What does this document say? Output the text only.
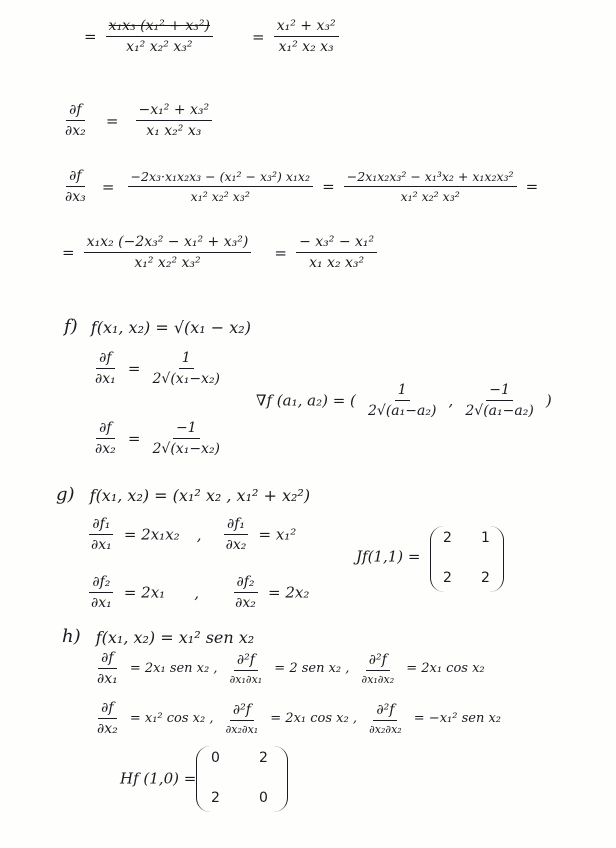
= $\frac{\text{x₁x₃ (x₁² + x₃²)}}{\text{x₁² x₂² x₃²}}$	= $\frac{\text{x₁² + x₃²}}{\text{x₁² x₂ x₃}}$
$\frac{\partial f}{\text{∂x₂}} = \frac{\text{−x₁² + x₃²}}{\text{x₁ x₂² x₃}}$
$\frac{\partial f}{\text{∂x₃}} = \frac{\text{−2x₃·x₁x₂x₃ − (x₁² − x₃²) x₁x₂}}{\text{x₁² x₂² x₃²}} = \frac{\text{−2x₁x₂x₃² − x₁³x₂ + x₁x₂x₃²}}{\text{x₁² x₂² x₃²}}$ =
= $\frac{\text{x₁x₂ (−2x₃² − x₁² + x₃²)}}{\text{x₁² x₂² x₃²}} = \frac{\text{− x₃² − x₁²}}{\text{x₁ x₂ x₃²}}$
f) f(x₁, x₂) = √(x₁ − x₂)
$\frac{\partial f}{\text{∂x₁}} = \frac{1}{\text{2√(x₁−x₂)}}$
∇f (a₁, a₂) = ( $\frac{1}{\text{2√(a₁−a₂)}}$ , $\frac{-1}{\text{2√(a₁−a₂)}}$ )
$\frac{\partial f}{\text{∂x₂}} = \frac{-1}{\text{2√(x₁−x₂)}}$
g) f(x₁, x₂) = (x₁² x₂ , x₁² + x₂²)
$\frac{\text{∂f₁}}{\text{∂x₁}} = 2x_1x_2$ , $\frac{\text{∂f₁}}{\text{∂x₂}} = x_1^2$
$\frac{\text{∂f₂}}{\text{∂x₁}} = 2x_1$ , $\frac{\text{∂f₂}}{\text{∂x₂}} = 2x_2$
Jf(1,1) =
2 1
2 2
h) f(x₁, x₂) = x₁² sen x₂
$\frac{\partial f}{\text{∂x₁}} = 2x_1$ sen x₂ , $\frac{\text{∂²f}}{\text{∂x₁∂x₁}} = 2$ sen x₂ , $\frac{\text{∂²f}}{\text{∂x₁∂x₂}} = 2x_1$ cos x₂
$\frac{\partial f}{\text{∂x₂}} = x_1^2$ cos x₂ , $\frac{\text{∂²f}}{\text{∂x₂∂x₁}} = 2x_1$ cos x₂ , $\frac{\text{∂²f}}{\text{∂x₂∂x₂}} = -x_1^2$ sen x₂
Hf (1,0) =
0	2
2	0
